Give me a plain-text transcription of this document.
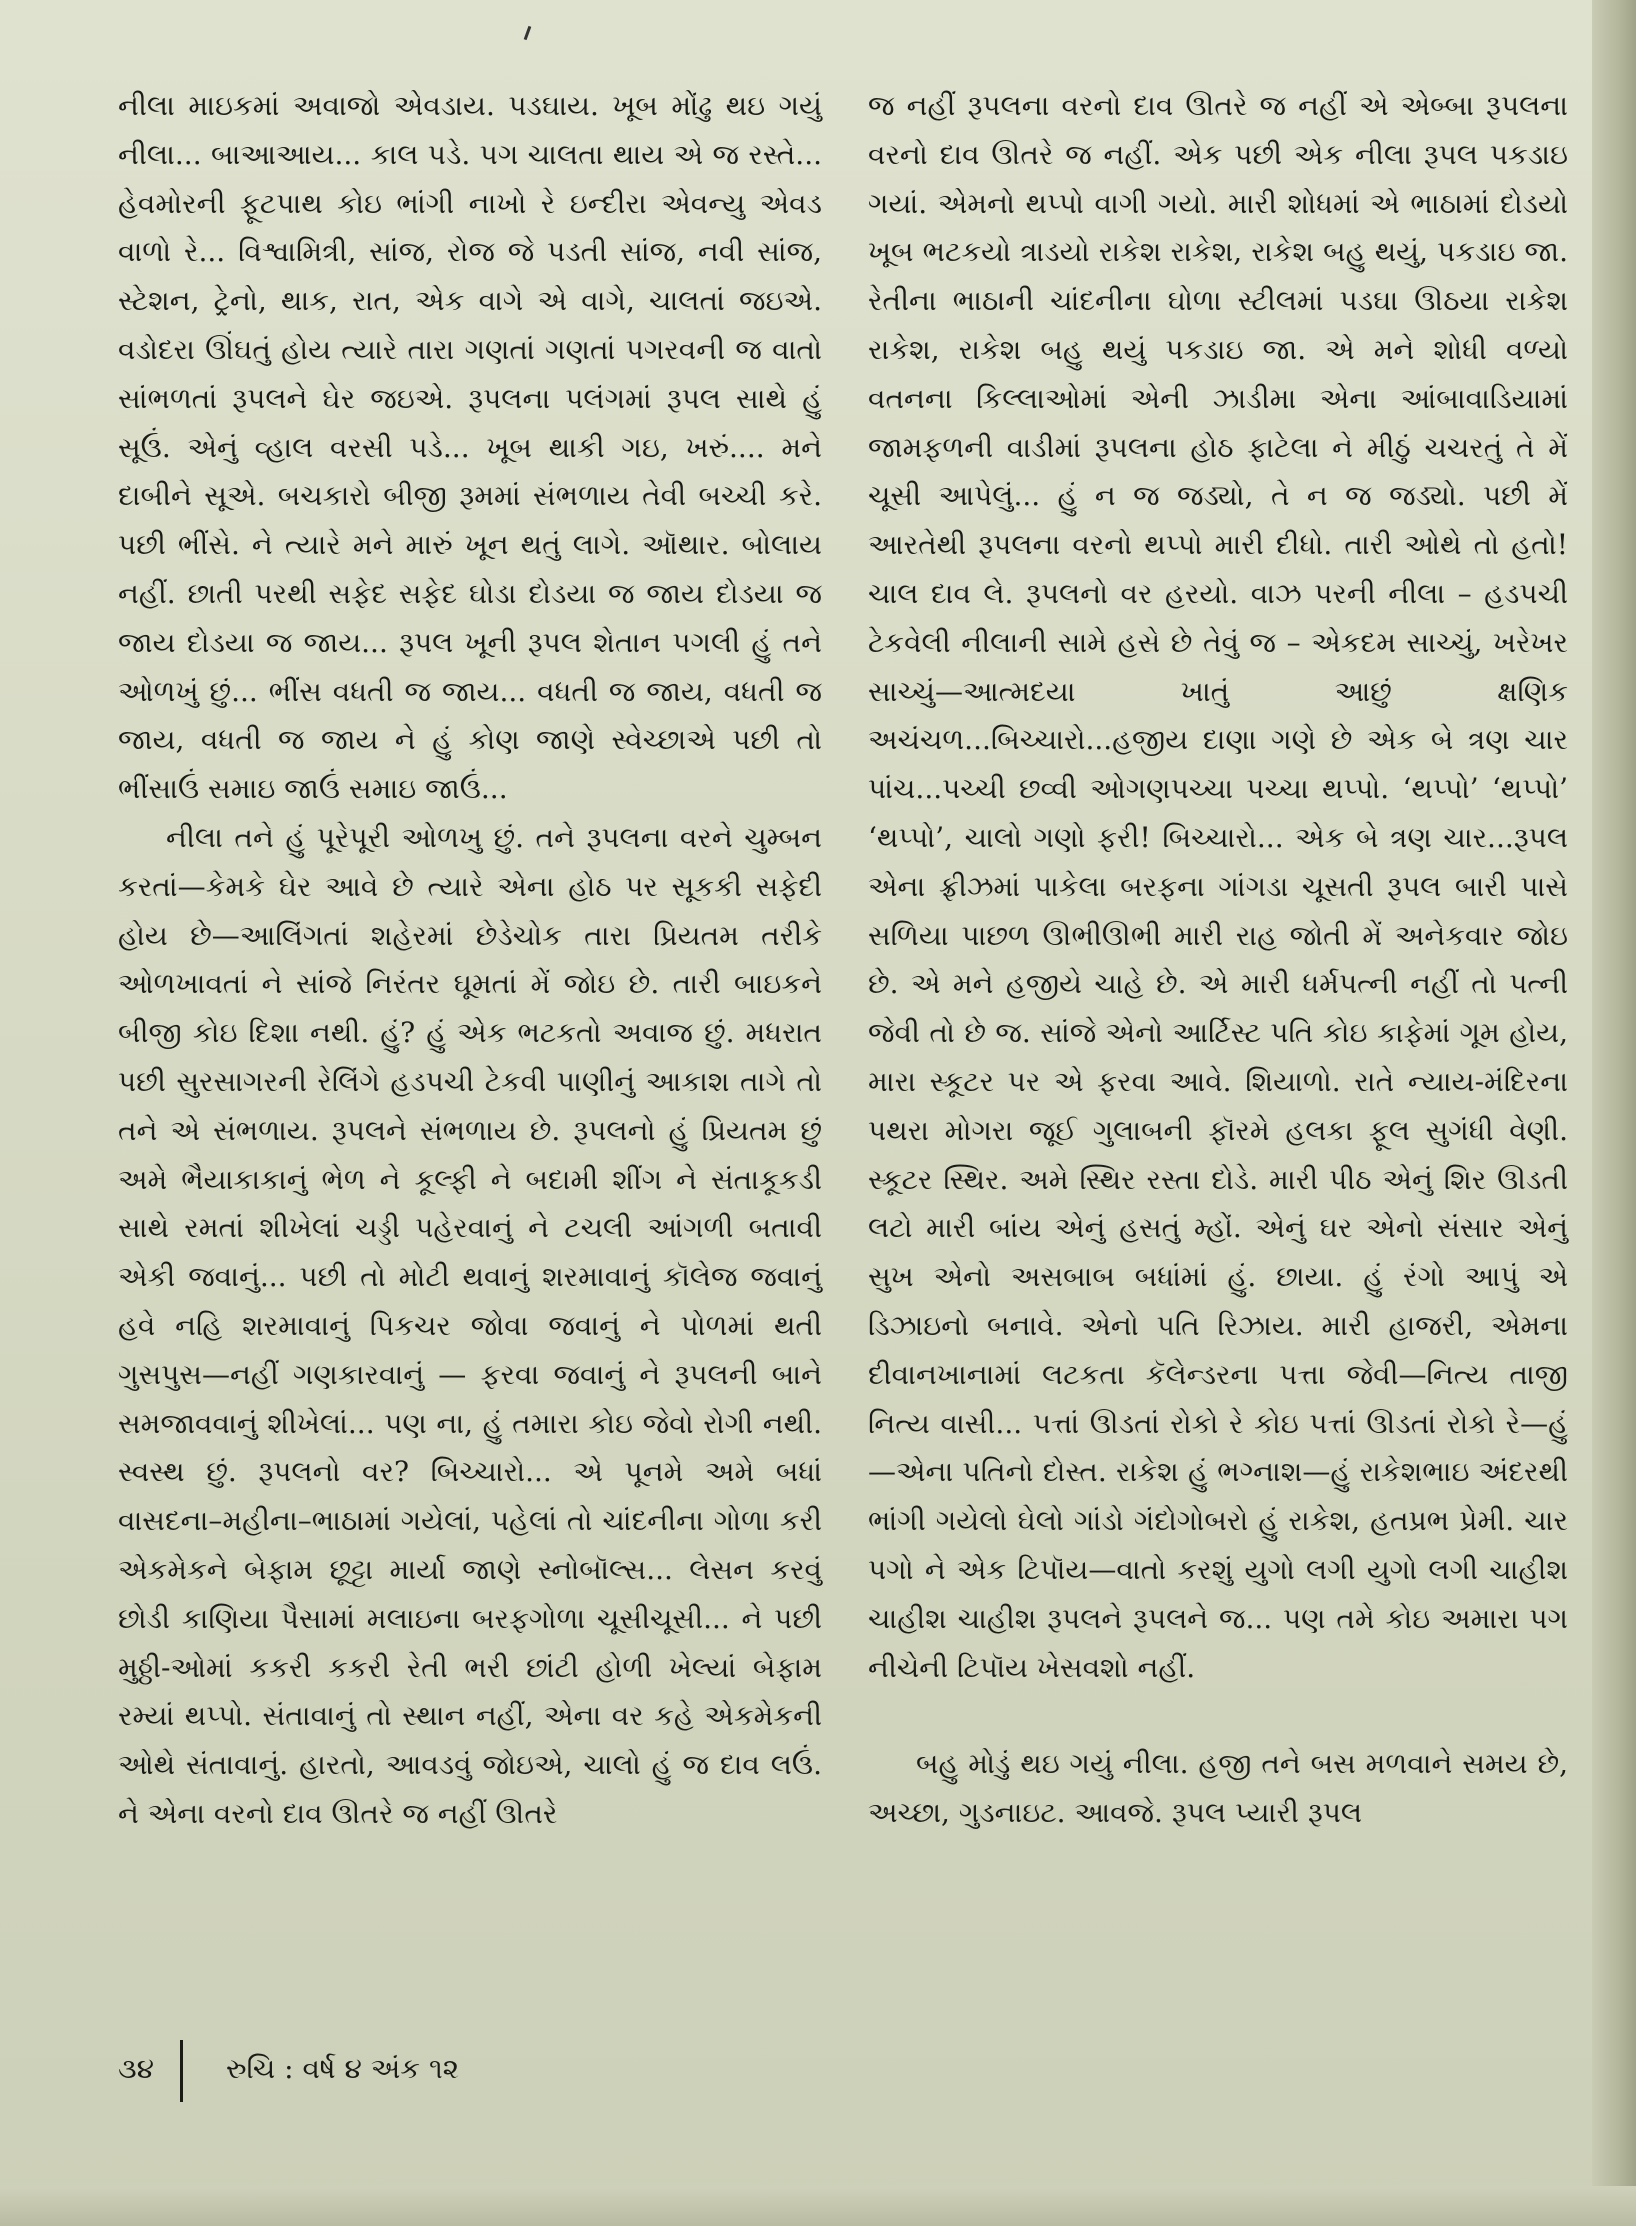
નીલા માઇકમાં અવાજો એવડાય. પડઘાય. ખૂબ મોંઢુ થઇ ગયું નીલા... બાઆઆય... કાલ પડે. પગ ચાલતા થાય એ જ રસ્તે... હેવમોરની ફૂટપાથ કોઇ ભાંગી નાખો રે ઇન્દીરા એવન્યુ એવડ વાળો રે... વિશ્વામિત્રી, સાંજ, રોજ જે પડતી સાંજ, નવી સાંજ, સ્ટેશન, ટ્રેનો, થાક, રાત, એક વાગે એ વાગે, ચાલતાં જઇએ. વડોદરા ઊંઘતું હોય ત્યારે તારા ગણતાં ગણતાં પગરવની જ વાતો સાંભળતાં રૂપલને ઘેર જઇએ. રૂપલના પલંગમાં રૂપલ સાથે હું સૂઉં. એનું વ્હાલ વરસી પડે... ખૂબ થાકી ગઇ, ખરું.... મને દાબીને સૂએ. બચકારો બીજી રૂમમાં સંભળાય તેવી બચ્ચી કરે. પછી ભીંસે. ને ત્યારે મને મારું ખૂન થતું લાગે. ઑથાર. બોલાય નહીં. છાતી પરથી સફેદ સફેદ ઘોડા દોડયા જ જાય દોડયા જ જાય દોડયા જ જાય... રૂપલ ખૂની રૂપલ શેતાન પગલી હું તને ઓળખું છું... ભીંસ વધતી જ જાય... વધતી જ જાય, વધતી જ જાય, વધતી જ જાય ને હું કોણ જાણે સ્વેચ્છાએ પછી તો ભીંસાઉં સમાઇ જાઉં સમાઇ જાઉં...

નીલા તને હું પૂરેપૂરી ઓળખુ છું. તને રૂપલના વરને ચુમ્બન કરતાં—કેમકે ઘેર આવે છે ત્યારે એના હોઠ પર સૂકકી સફેદી હોય છે—આલિંગતાં શહેરમાં છેડેચોક તારા પ્રિયતમ તરીકે ઓળખાવતાં ને સાંજે નિરંતર ઘૂમતાં મેં જોઇ છે. તારી બાઇકને બીજી કોઇ દિશા નથી. હું? હું એક ભટકતો અવાજ છું. મધરાત પછી સુરસાગરની રેલિંગે હડપચી ટેકવી પાણીનું આકાશ તાગે તો તને એ સંભળાય. રૂપલને સંભળાય છે. રૂપલનો હું પ્રિયતમ છું અમે ભૈયાકાકાનું ભેળ ને કૂલ્ફી ને બદામી શીંગ ને સંતાકૂકડી સાથે રમતાં શીખેલાં ચડ્ડી પહેરવાનું ને ટચલી આંગળી બતાવી એકી જવાનું... પછી તો મોટી થવાનું શરમાવાનું કૉલેજ જવાનું હવે નહિ શરમાવાનું પિકચર જોવા જવાનું ને પોળમાં થતી ગુસપુસ—નહીં ગણકારવાનું — ફરવા જવાનું ને રૂપલની બાને સમજાવવાનું શીખેલાં... પણ ના, હું તમારા કોઇ જેવો રોગી નથી. સ્વસ્થ છું. રૂપલનો વર? બિચ્ચારો... એ પૂનમે અમે બધાં વાસદના–મહીના–ભાઠામાં ગયેલાં, પહેલાં તો ચાંદનીના ગોળા કરી એકમેકને બેફામ છૂટ્ટા માર્યા જાણે સ્નોબૉલ્સ... લેસન કરવું છોડી કાણિયા પૈસામાં મલાઇના બરફગોળા ચૂસીચૂસી... ને પછી મુઠ્ઠી-ઓમાં કકરી કકરી રેતી ભરી છાંટી હોળી ખેલ્યાં બેફામ રમ્યાં થપ્પો. સંતાવાનું તો સ્થાન નહીં, એના વર કહે એકમેકની ઓથે સંતાવાનું. હારતો, આવડવું જોઇએ, ચાલો હું જ દાવ લઉં. ને એના વરનો દાવ ઊતરે જ નહીં ઊતરે

જ નહીં રૂપલના વરનો દાવ ઊતરે જ નહીં એ એબ્બા રૂપલના વરનો દાવ ઊતરે જ નહીં. એક પછી એક નીલા રૂપલ પકડાઇ ગયાં. એમનો થપ્પો વાગી ગયો. મારી શોધમાં એ ભાઠામાં દોડયો ખૂબ ભટકયો ત્રાડયો રાકેશ રાકેશ, રાકેશ બહુ થયું, પકડાઇ જા. રેતીના ભાઠાની ચાંદનીના ઘોળા સ્ટીલમાં પડઘા ઊઠયા રાકેશ રાકેશ, રાકેશ બહુ થયું પકડાઇ જા. એ મને શોધી વળ્યો વતનના કિલ્લાઓમાં એની ઝાડીમા એના આંબાવાડિયામાં જામફળની વાડીમાં રૂપલના હોઠ ફાટેલા ને મીઠું ચચરતું તે મેં ચૂસી આપેલું... હું ન જ જડ્યો, તે ન જ જડ્યો. પછી મેં આરતેથી રૂપલના વરનો થપ્પો મારી દીધો. તારી ઓથે તો હતો! ચાલ દાવ લે. રૂપલનો વર હરયો. વાઝ પરની નીલા – હડપચી ટેકવેલી નીલાની સામે હસે છે તેવું જ – એકદમ સાચ્ચું, ખરેખર સાચ્ચું—આત્મદયા ખાતું આછું ક્ષણિક અચંચળ...બિચ્ચારો...હજીય દાણા ગણે છે એક બે ત્રણ ચાર પાંચ...પચ્ચી છવ્વી ઓગણપચ્ચા પચ્ચા થપ્પો. ‘થપ્પો’ ‘થપ્પો’ ‘થપ્પો’, ચાલો ગણો ફરી! બિચ્ચારો... એક બે ત્રણ ચાર...રૂપલ એના ફ્રીઝમાં પાકેલા બરફના ગાંગડા ચૂસતી રૂપલ બારી પાસે સળિયા પાછળ ઊભીઊભી મારી રાહ જોતી મેં અનેકવાર જોઇ છે. એ મને હજીયે ચાહે છે. એ મારી ધર્મપત્ની નહીં તો પત્ની જેવી તો છે જ. સાંજે એનો આર્ટિસ્ટ પતિ કોઇ કાફેમાં ગૂમ હોય, મારા સ્કૂટર પર એ ફરવા આવે. શિયાળો. રાતે ન્યાય-મંદિરના પથરા મોગરા જૂઈ ગુલાબની ફૉરમે હલકા ફૂલ સુગંધી વેણી. સ્કૂટર સ્થિર. અમે સ્થિર રસ્તા દોડે. મારી પીઠ એનું શિર ઊડતી લટો મારી બાંય એનું હસતું મ્હોં. એનું ઘર એનો સંસાર એનું સુખ એનો અસબાબ બધાંમાં હું. છાયા. હું રંગો આપું એ ડિઝાઇનો બનાવે. એનો પતિ રિઝાય. મારી હાજરી, એમના દીવાનખાનામાં લટકતા કૅલેન્ડરના પત્તા જેવી—નિત્ય તાજી નિત્ય વાસી... પત્તાં ઊડતાં રોકો રે કોઇ પત્તાં ઊડતાં રોકો રે—હું—એના પતિનો દોસ્ત. રાકેશ હું ભગ્નાશ—હું રાકેશભાઇ અંદરથી ભાંગી ગયેલો ઘેલો ગાંડો ગંદોગોબરો હું રાકેશ, હતપ્રભ પ્રેમી. ચાર પગો ને એક ટિપૉય—વાતો કરશું યુગો લગી યુગો લગી ચાહીશ ચાહીશ ચાહીશ રૂપલને રૂપલને જ... પણ તમે કોઇ અમારા પગ નીચેની ટિપૉય ખેસવશો નહીં.

બહુ મોડું થઇ ગયું નીલા. હજી તને બસ મળવાને સમય છે, અચ્છા, ગુડનાઇટ. આવજે. રૂપલ પ્યારી રૂપલ

૩૪	રુચિ : વર્ષ ૪ અંક ૧૨
